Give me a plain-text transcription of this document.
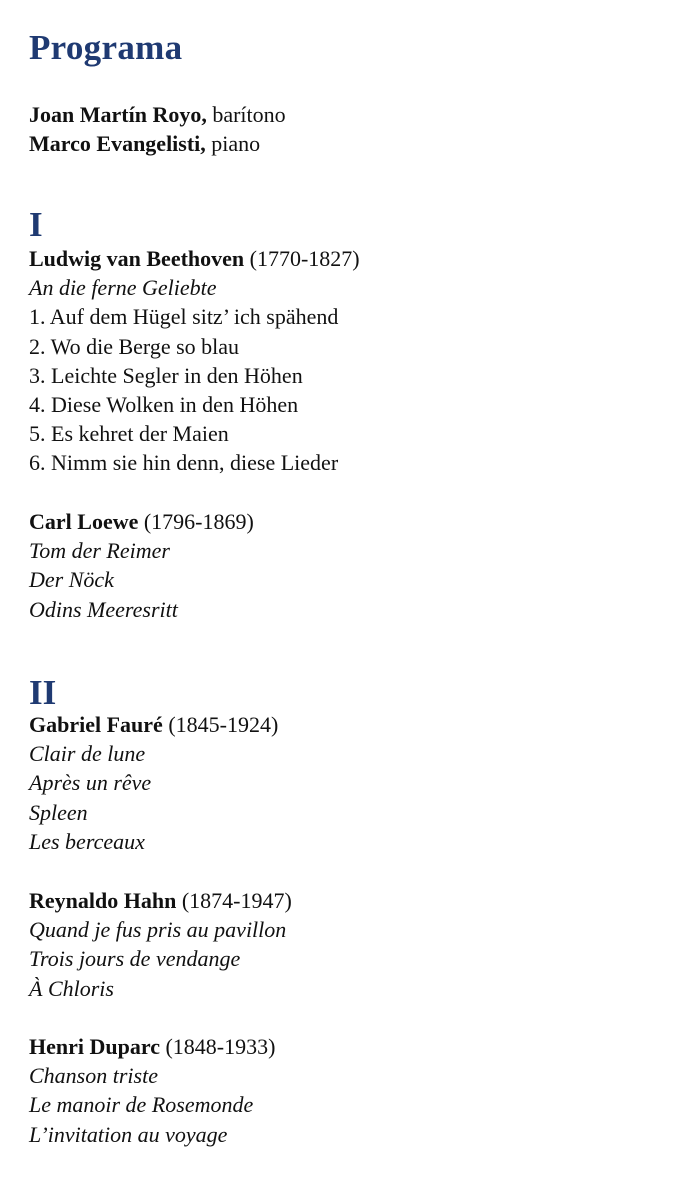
Programa
Joan Martín Royo, barítono
Marco Evangelisti, piano
I
Ludwig van Beethoven (1770-1827)
An die ferne Geliebte
1. Auf dem Hügel sitz’ ich spähend
2. Wo die Berge so blau
3. Leichte Segler in den Höhen
4. Diese Wolken in den Höhen
5. Es kehret der Maien
6. Nimm sie hin denn, diese Lieder
Carl Loewe (1796-1869)
Tom der Reimer
Der Nöck
Odins Meeresritt
II
Gabriel Fauré (1845-1924)
Clair de lune
Après un rêve
Spleen
Les berceaux
Reynaldo Hahn (1874-1947)
Quand je fus pris au pavillon
Trois jours de vendange
À Chloris
Henri Duparc (1848-1933)
Chanson triste
Le manoir de Rosemonde
L’invitation au voyage
